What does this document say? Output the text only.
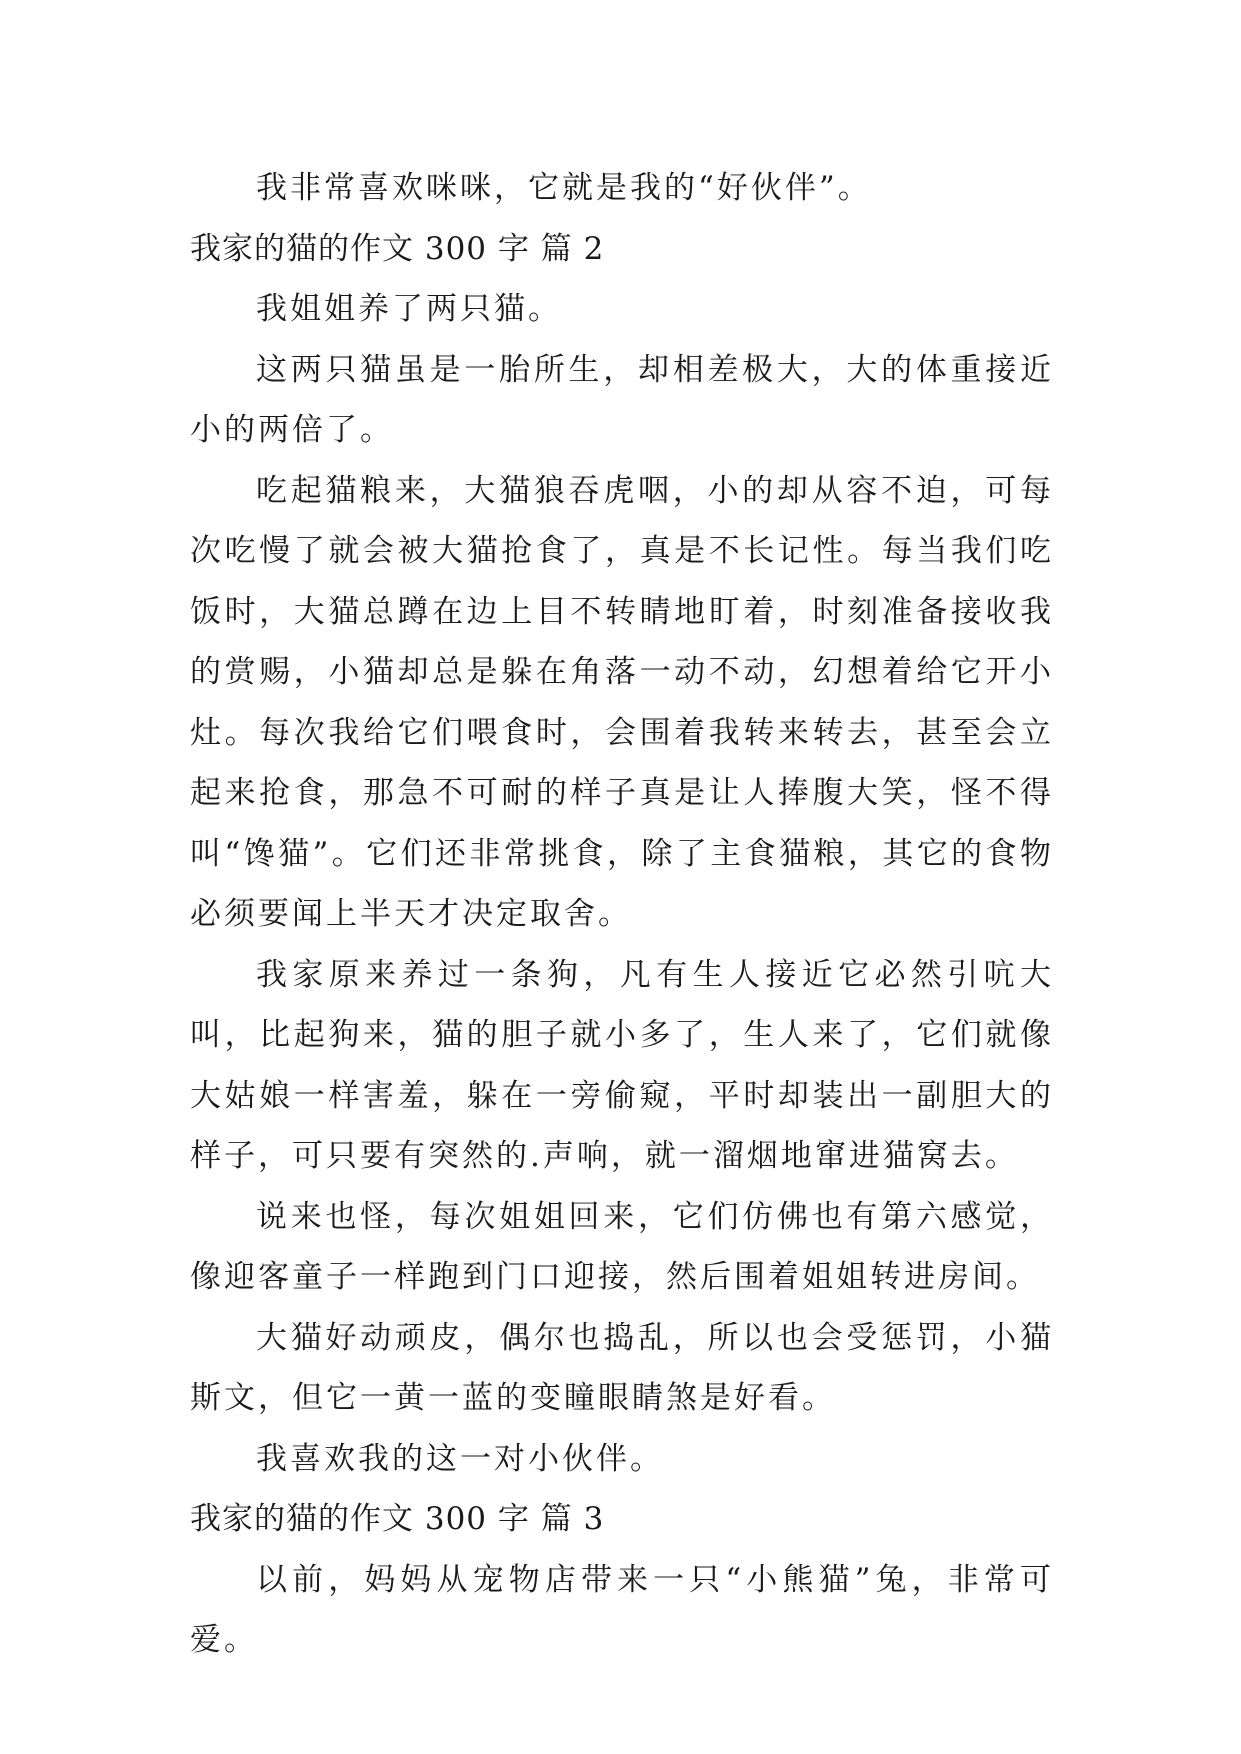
我非常喜欢咪咪，它就是我的“好伙伴”。

我家的猫的作文 300 字 篇 2

我姐姐养了两只猫。

这两只猫虽是一胎所生，却相差极大，大的体重接近小的两倍了。

吃起猫粮来，大猫狼吞虎咽，小的却从容不迫，可每次吃慢了就会被大猫抢食了，真是不长记性。每当我们吃饭时，大猫总蹲在边上目不转睛地盯着，时刻准备接收我的赏赐，小猫却总是躲在角落一动不动，幻想着给它开小灶。每次我给它们喂食时，会围着我转来转去，甚至会立起来抢食，那急不可耐的样子真是让人捧腹大笑，怪不得叫“馋猫”。它们还非常挑食，除了主食猫粮，其它的食物必须要闻上半天才决定取舍。

我家原来养过一条狗，凡有生人接近它必然引吭大叫，比起狗来，猫的胆子就小多了，生人来了，它们就像大姑娘一样害羞，躲在一旁偷窥，平时却装出一副胆大的样子，可只要有突然的.声响，就一溜烟地窜进猫窝去。

说来也怪，每次姐姐回来，它们仿佛也有第六感觉，像迎客童子一样跑到门口迎接，然后围着姐姐转进房间。

大猫好动顽皮，偶尔也捣乱，所以也会受惩罚，小猫斯文，但它一黄一蓝的变瞳眼睛煞是好看。

我喜欢我的这一对小伙伴。

我家的猫的作文 300 字 篇 3

以前，妈妈从宠物店带来一只“小熊猫”兔，非常可爱。
